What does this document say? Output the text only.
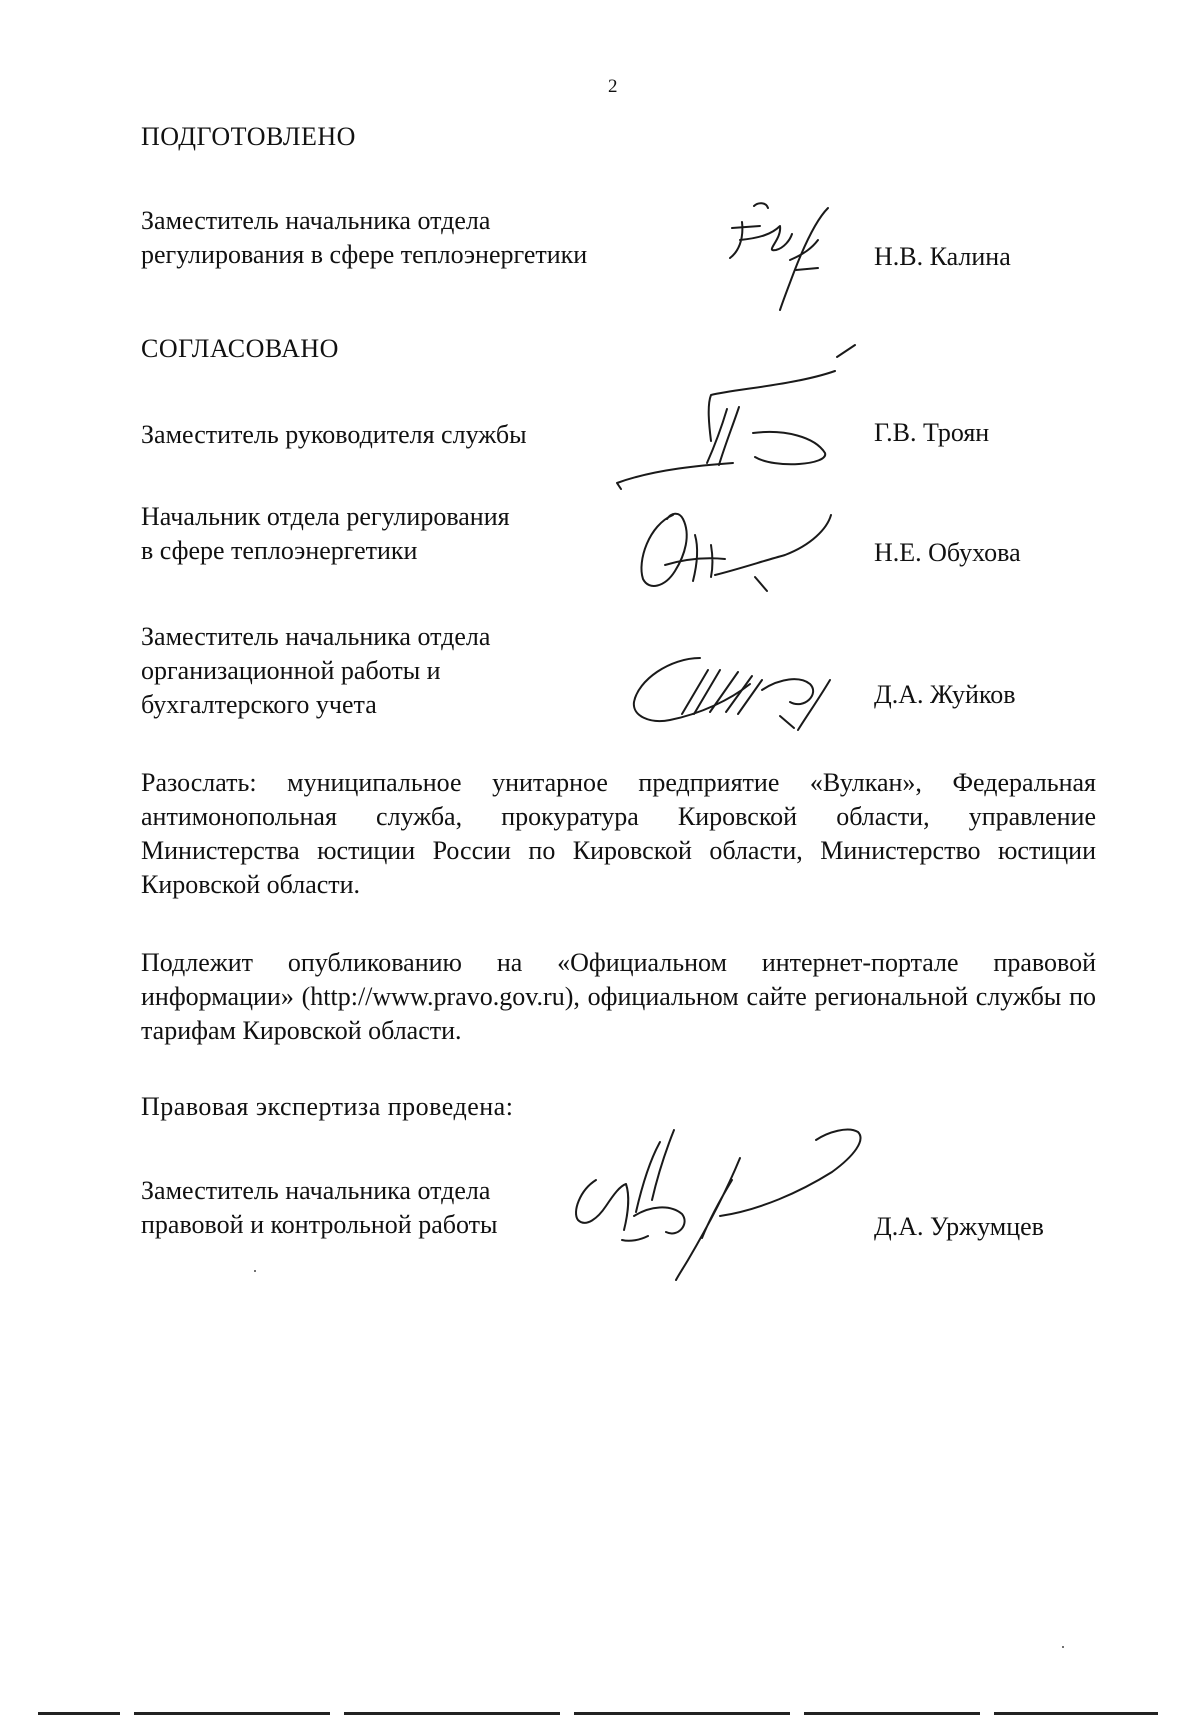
2
ПОДГОТОВЛЕНО
Заместитель начальника отдела
регулирования в сфере теплоэнергетики	Н.В. Калина
СОГЛАСОВАНО
Заместитель руководителя службы	Г.В. Троян
Начальник отдела регулирования
в сфере теплоэнергетики	Н.Е. Обухова
Заместитель начальника отдела
организационной работы и
бухгалтерского учета	Д.А. Жуйков
Разослать: муниципальное унитарное предприятие «Вулкан», Федеральная антимонопольная служба, прокуратура Кировской области, управление Министерства юстиции России по Кировской области, Министерство юстиции Кировской области.
Подлежит опубликованию на «Официальном интернет-портале правовой информации» (http://www.pravo.gov.ru), официальном сайте региональной службы по тарифам Кировской области.
Правовая экспертиза проведена:
Заместитель начальника отдела
правовой и контрольной работы	Д.А. Уржумцев
